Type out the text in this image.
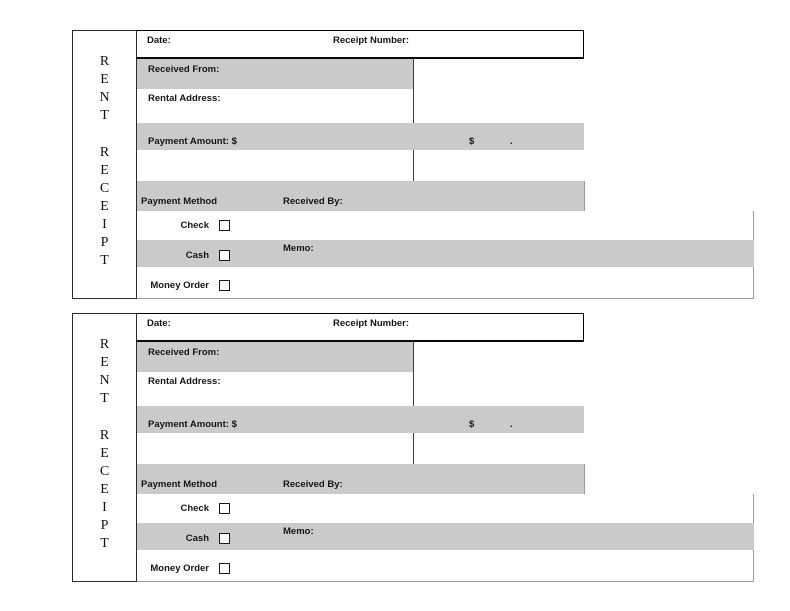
R
E
N
T
R
E
C
E
I
P
T
Date:	Receipt Number:
Received From:
Rental Address:
Payment Amount: $	$	.
Payment Method	Received By:
Check
Cash
Memo:
Money Order
R
E
N
T
R
E
C
E
I
P
T
Date:	Receipt Number:
Received From:
Rental Address:
Payment Amount: $	$	.
Payment Method	Received By:
Check
Cash
Memo:
Money Order
